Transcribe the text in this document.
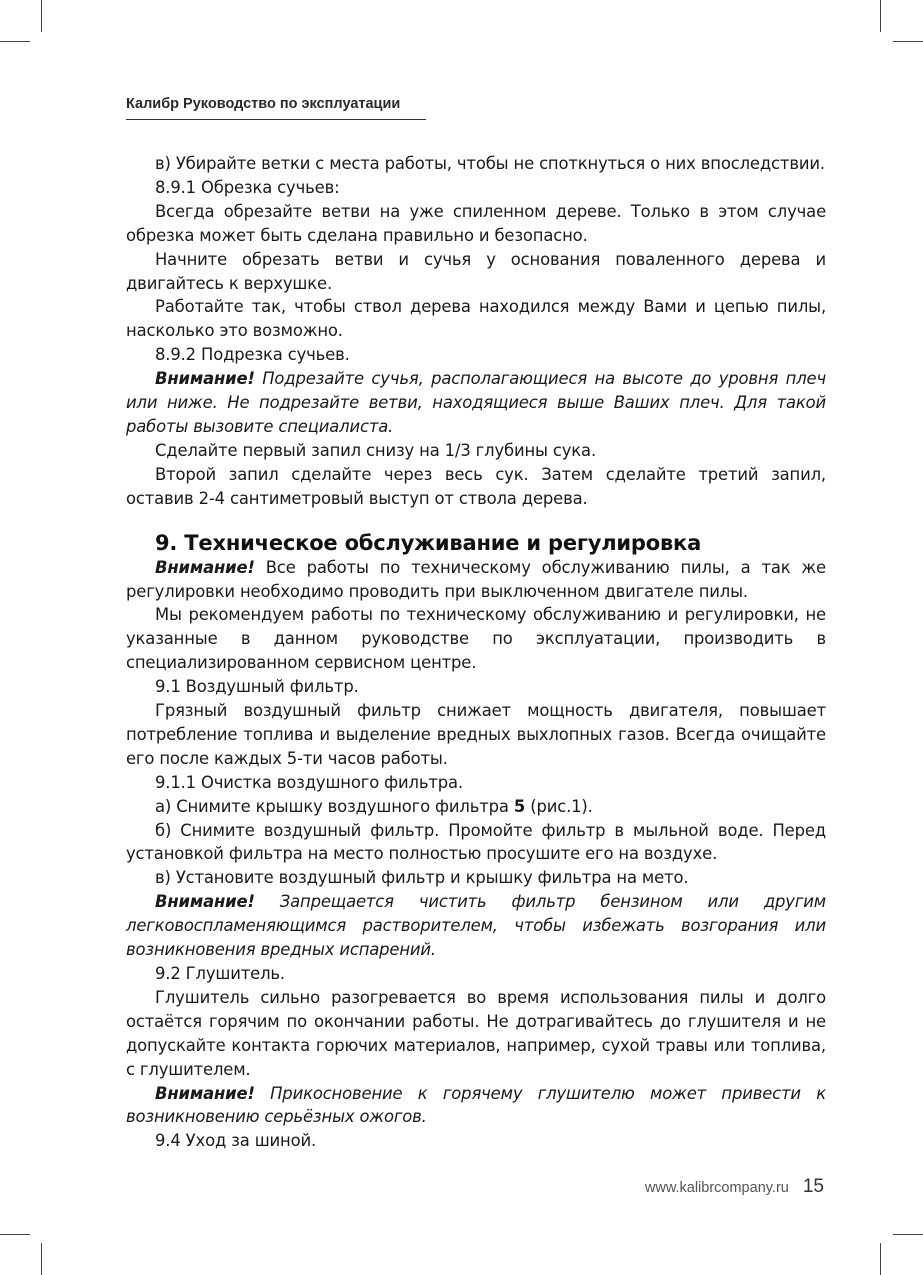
Калибр Руководство по эксплуатации

в) Убирайте ветки с места работы, чтобы не споткнуться о них впоследствии.

8.9.1 Обрезка сучьев:

Всегда обрезайте ветви на уже спиленном дереве. Только в этом случае обрезка может быть сделана правильно и безопасно.

Начните обрезать ветви и сучья у основания поваленного дерева и двигайтесь к верхушке.

Работайте так, чтобы ствол дерева находился между Вами и цепью пилы, насколько это возможно.

8.9.2 Подрезка сучьев.

Внимание! Подрезайте сучья, располагающиеся на высоте до уровня плеч или ниже. Не подрезайте ветви, находящиеся выше Ваших плеч. Для такой работы вызовите специалиста.

Сделайте первый запил снизу на 1/3 глубины сука.

Второй запил сделайте через весь сук. Затем сделайте третий запил, оставив 2-4 сантиметровый выступ от ствола дерева.

9. Техническое обслуживание и регулировка

Внимание! Все работы по техническому обслуживанию пилы, а так же регулировки необходимо проводить при выключенном двигателе пилы.

Мы рекомендуем работы по техническому обслуживанию и регулировки, не указанные в данном руководстве по эксплуатации, производить в специализированном сервисном центре.

9.1 Воздушный фильтр.

Грязный воздушный фильтр снижает мощность двигателя, повышает потребление топлива и выделение вредных выхлопных газов. Всегда очищайте его после каждых 5-ти часов работы.

9.1.1 Очистка воздушного фильтра.

а) Снимите крышку воздушного фильтра 5 (рис.1).

б) Снимите воздушный фильтр. Промойте фильтр в мыльной воде. Перед установкой фильтра на место полностью просушите его на воздухе.

в) Установите воздушный фильтр и крышку фильтра на мето.

Внимание! Запрещается чистить фильтр бензином или другим легковоспламеняющимся растворителем, чтобы избежать возгорания или возникновения вредных испарений.

9.2 Глушитель.

Глушитель сильно разогревается во время использования пилы и долго остаётся горячим по окончании работы. Не дотрагивайтесь до глушителя и не допускайте контакта горючих материалов, например, сухой травы или топлива, с глушителем.

Внимание! Прикосновение к горячему глушителю может привести к возникновению серьёзных ожогов.

9.4 Уход за шиной.

www.kalibrcompany.ru 15
